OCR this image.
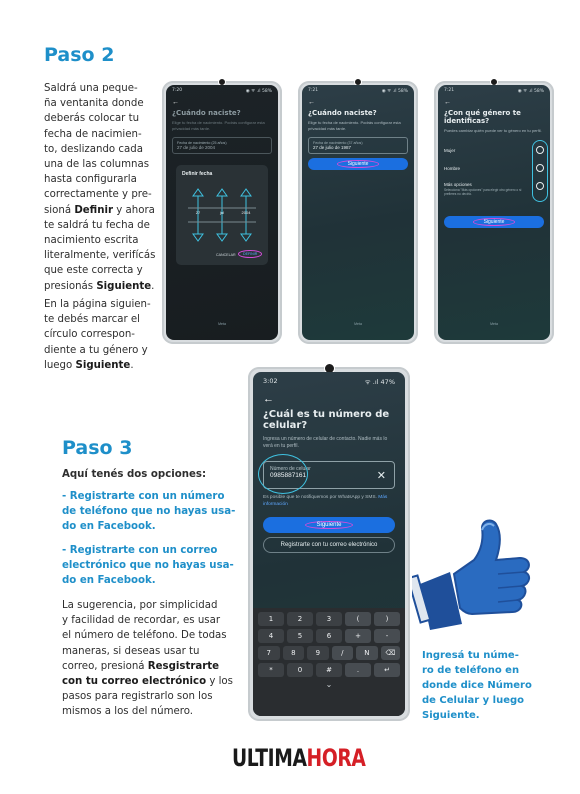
Paso 2
Saldrá una peque-
ña ventanita donde
deberás colocar tu
fecha de nacimien-
to, deslizando cada
una de las columnas
hasta configurarla
correctamente y pre-
sioná Definir y ahora
te saldrá tu fecha de
nacimiento escrita
literalmente, verifícás
que este correcta y
presionás Siguiente.
En la página siguien-
te debés marcar el
círculo correspon-
diente a tu género y
luego Siguiente.
7:20	◉ ᯤ .ıl 58%
←
¿Cuándo naciste?
Elige tu fecha de nacimiento. Podrás configurar esta privacidad más tarde.
Fecha de nacimiento (25 años)
27 de julio de 2004
Definir fecha
27	jul	2004
CANCELAR	DEFINIR
Meta
7:21	◉ ᯤ .ıl 58%
←
¿Cuándo naciste?
Elige tu fecha de nacimiento. Podrás configurar esta privacidad más tarde.
Fecha de nacimiento (37 años)
27 de julio de 1987
Siguiente
Meta
7:21	◉ ᯤ .ıl 58%
←
¿Con qué género te identificas?
Puedes cambiar quién puede ver tu género en tu perfil.
Mujer
Hombre
Más opciones
Selecciona "Más opciones" para elegir otro género o si prefieres no decirlo.
Siguiente
Meta
Paso 3
Aquí tenés dos opciones:
- Registrarte con un número
de teléfono que no hayas usa-
do en Facebook.
- Registrarte con un correo
electrónico que no hayas usa-
do en Facebook.
La sugerencia, por simplicidad
y facilidad de recordar, es usar
el número de teléfono. De todas
maneras, si deseas usar tu
correo, presioná Resgistrarte
con tu correo electrónico y los
pasos para registrarlo son los
mismos a los del número.
3:02	ᯤ .ıl 47%
←
¿Cuál es tu número de celular?
Ingresa un número de celular de contacto. Nadie más lo verá en tu perfil.
Número de celular
0985887161	✕
Es posible que te notifiquemos por WhatsApp y SMS. Más información
Siguiente
Registrarte con tu correo electrónico
1	2	3	(	)
4	5	6	+	-
7	8	9	/	N	⌫
*	0	#	.	↵
⌄
Ingresá tu núme-
ro de teléfono en
donde dice Número
de Celular y luego
Siguiente.
ULTIMAHORA
